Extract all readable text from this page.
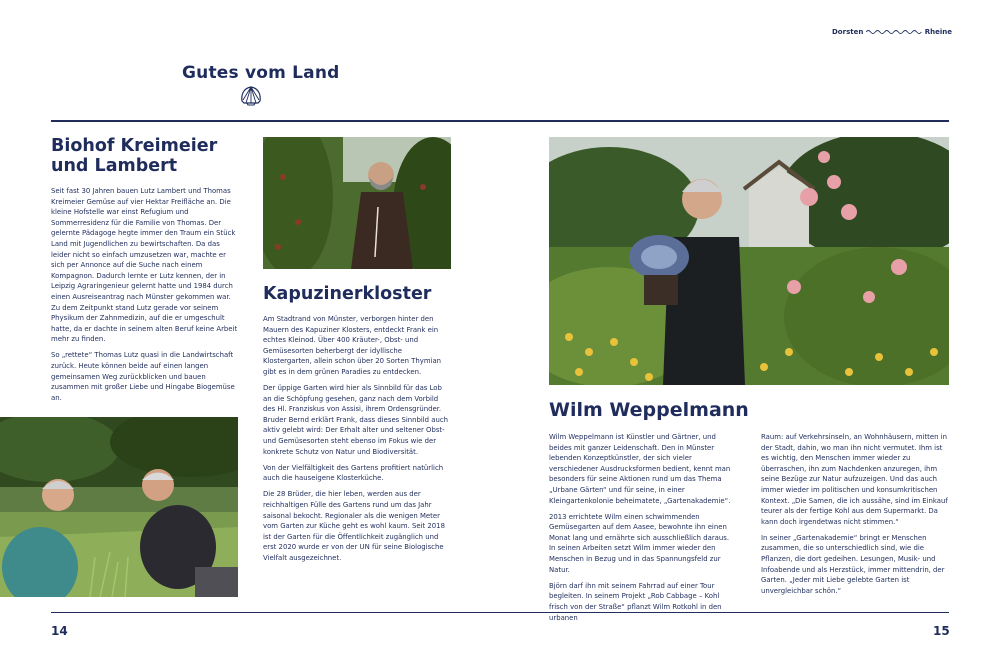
Dorsten	Rheine
Gutes vom Land
Biohof Kreimeier
und Lambert

Seit fast 30 Jahren bauen Lutz Lambert und Thomas Kreimeier Gemüse auf vier Hektar Freifläche an. Die kleine Hofstelle war einst Refugium und Sommerresidenz für die Familie von Thomas. Der gelernte Pädagoge hegte immer den Traum ein Stück Land mit Jugendlichen zu bewirtschaften. Da das leider nicht so einfach umzusetzen war, machte er sich per Annonce auf die Suche nach einem Kompagnon. Dadurch lernte er Lutz kennen, der in Leipzig Agraringenieur gelernt hatte und 1984 durch einen Ausreiseantrag nach Münster gekommen war. Zu dem Zeitpunkt stand Lutz gerade vor seinem Physikum der Zahnmedizin, auf die er umgeschult hatte, da er dachte in seinem alten Beruf keine Arbeit mehr zu finden.

So „rettete“ Thomas Lutz quasi in die Landwirtschaft zurück. Heute können beide auf einen langen gemeinsamen Weg zurückblicken und bauen zusammen mit großer Liebe und Hingabe Biogemüse an.

Kapuzinerkloster

Am Stadtrand von Münster, verborgen hinter den Mauern des Kapuziner Klosters, entdeckt Frank ein echtes Kleinod. Über 400 Kräuter-, Obst- und Gemüsesorten beherbergt der idyllische Klostergarten, allein schon über 20 Sorten Thymian gibt es in dem grünen Paradies zu entdecken.

Der üppige Garten wird hier als Sinnbild für das Lob an die Schöpfung gesehen, ganz nach dem Vorbild des Hl. Franziskus von Assisi, ihrem Ordensgründer. Bruder Bernd erklärt Frank, dass dieses Sinnbild auch aktiv gelebt wird: Der Erhalt alter und seltener Obst- und Gemüsesorten steht ebenso im Fokus wie der konkrete Schutz von Natur und Biodiversität.

Von der Vielfältigkeit des Gartens profitiert natürlich auch die hauseigene Klosterküche.

Die 28 Brüder, die hier leben, werden aus der reichhaltigen Fülle des Gartens rund um das Jahr saisonal bekocht. Regionaler als die wenigen Meter vom Garten zur Küche geht es wohl kaum. Seit 2018 ist der Garten für die Öffentlichkeit zugänglich und erst 2020 wurde er von der UN für seine Biologische Vielfalt ausgezeichnet.

Wilm Weppelmann

Wilm Weppelmann ist Künstler und Gärtner, und beides mit ganzer Leidenschaft. Den in Münster lebenden Konzeptkünstler, der sich vieler verschiedener Ausdrucksformen bedient, kennt man besonders für seine Aktionen rund um das Thema „Urbane Gärten“ und für seine, in einer Kleingartenkolonie beheimatete, „Gartenakademie“.

2013 errichtete Wilm einen schwimmenden Gemüsegarten auf dem Aasee, bewohnte ihn einen Monat lang und ernährte sich ausschließlich daraus. In seinen Arbeiten setzt Wilm immer wieder den Menschen in Bezug und in das Spannungsfeld zur Natur.

Björn darf ihn mit seinem Fahrrad auf einer Tour begleiten. In seinem Projekt „Rob Cabbage – Kohl frisch von der Straße“ pflanzt Wilm Rotkohl in den urbanen

Raum: auf Verkehrsinseln, an Wohnhäusern, mitten in der Stadt, dahin, wo man ihn nicht vermutet. Ihm ist es wichtig, den Menschen immer wieder zu überraschen, ihn zum Nachdenken anzuregen, ihm seine Bezüge zur Natur aufzuzeigen. Und das auch immer wieder im politischen und konsumkritischen Kontext. „Die Samen, die ich aussähe, sind im Einkauf teurer als der fertige Kohl aus dem Supermarkt. Da kann doch irgendetwas nicht stimmen.“

In seiner „Gartenakademie“ bringt er Menschen zusammen, die so unterschiedlich sind, wie die Pflanzen, die dort gedeihen. Lesungen, Musik- und Infoabende und als Herzstück, immer mittendrin, der Garten. „Jeder mit Liebe gelebte Garten ist unvergleichbar schön.“

14	15
